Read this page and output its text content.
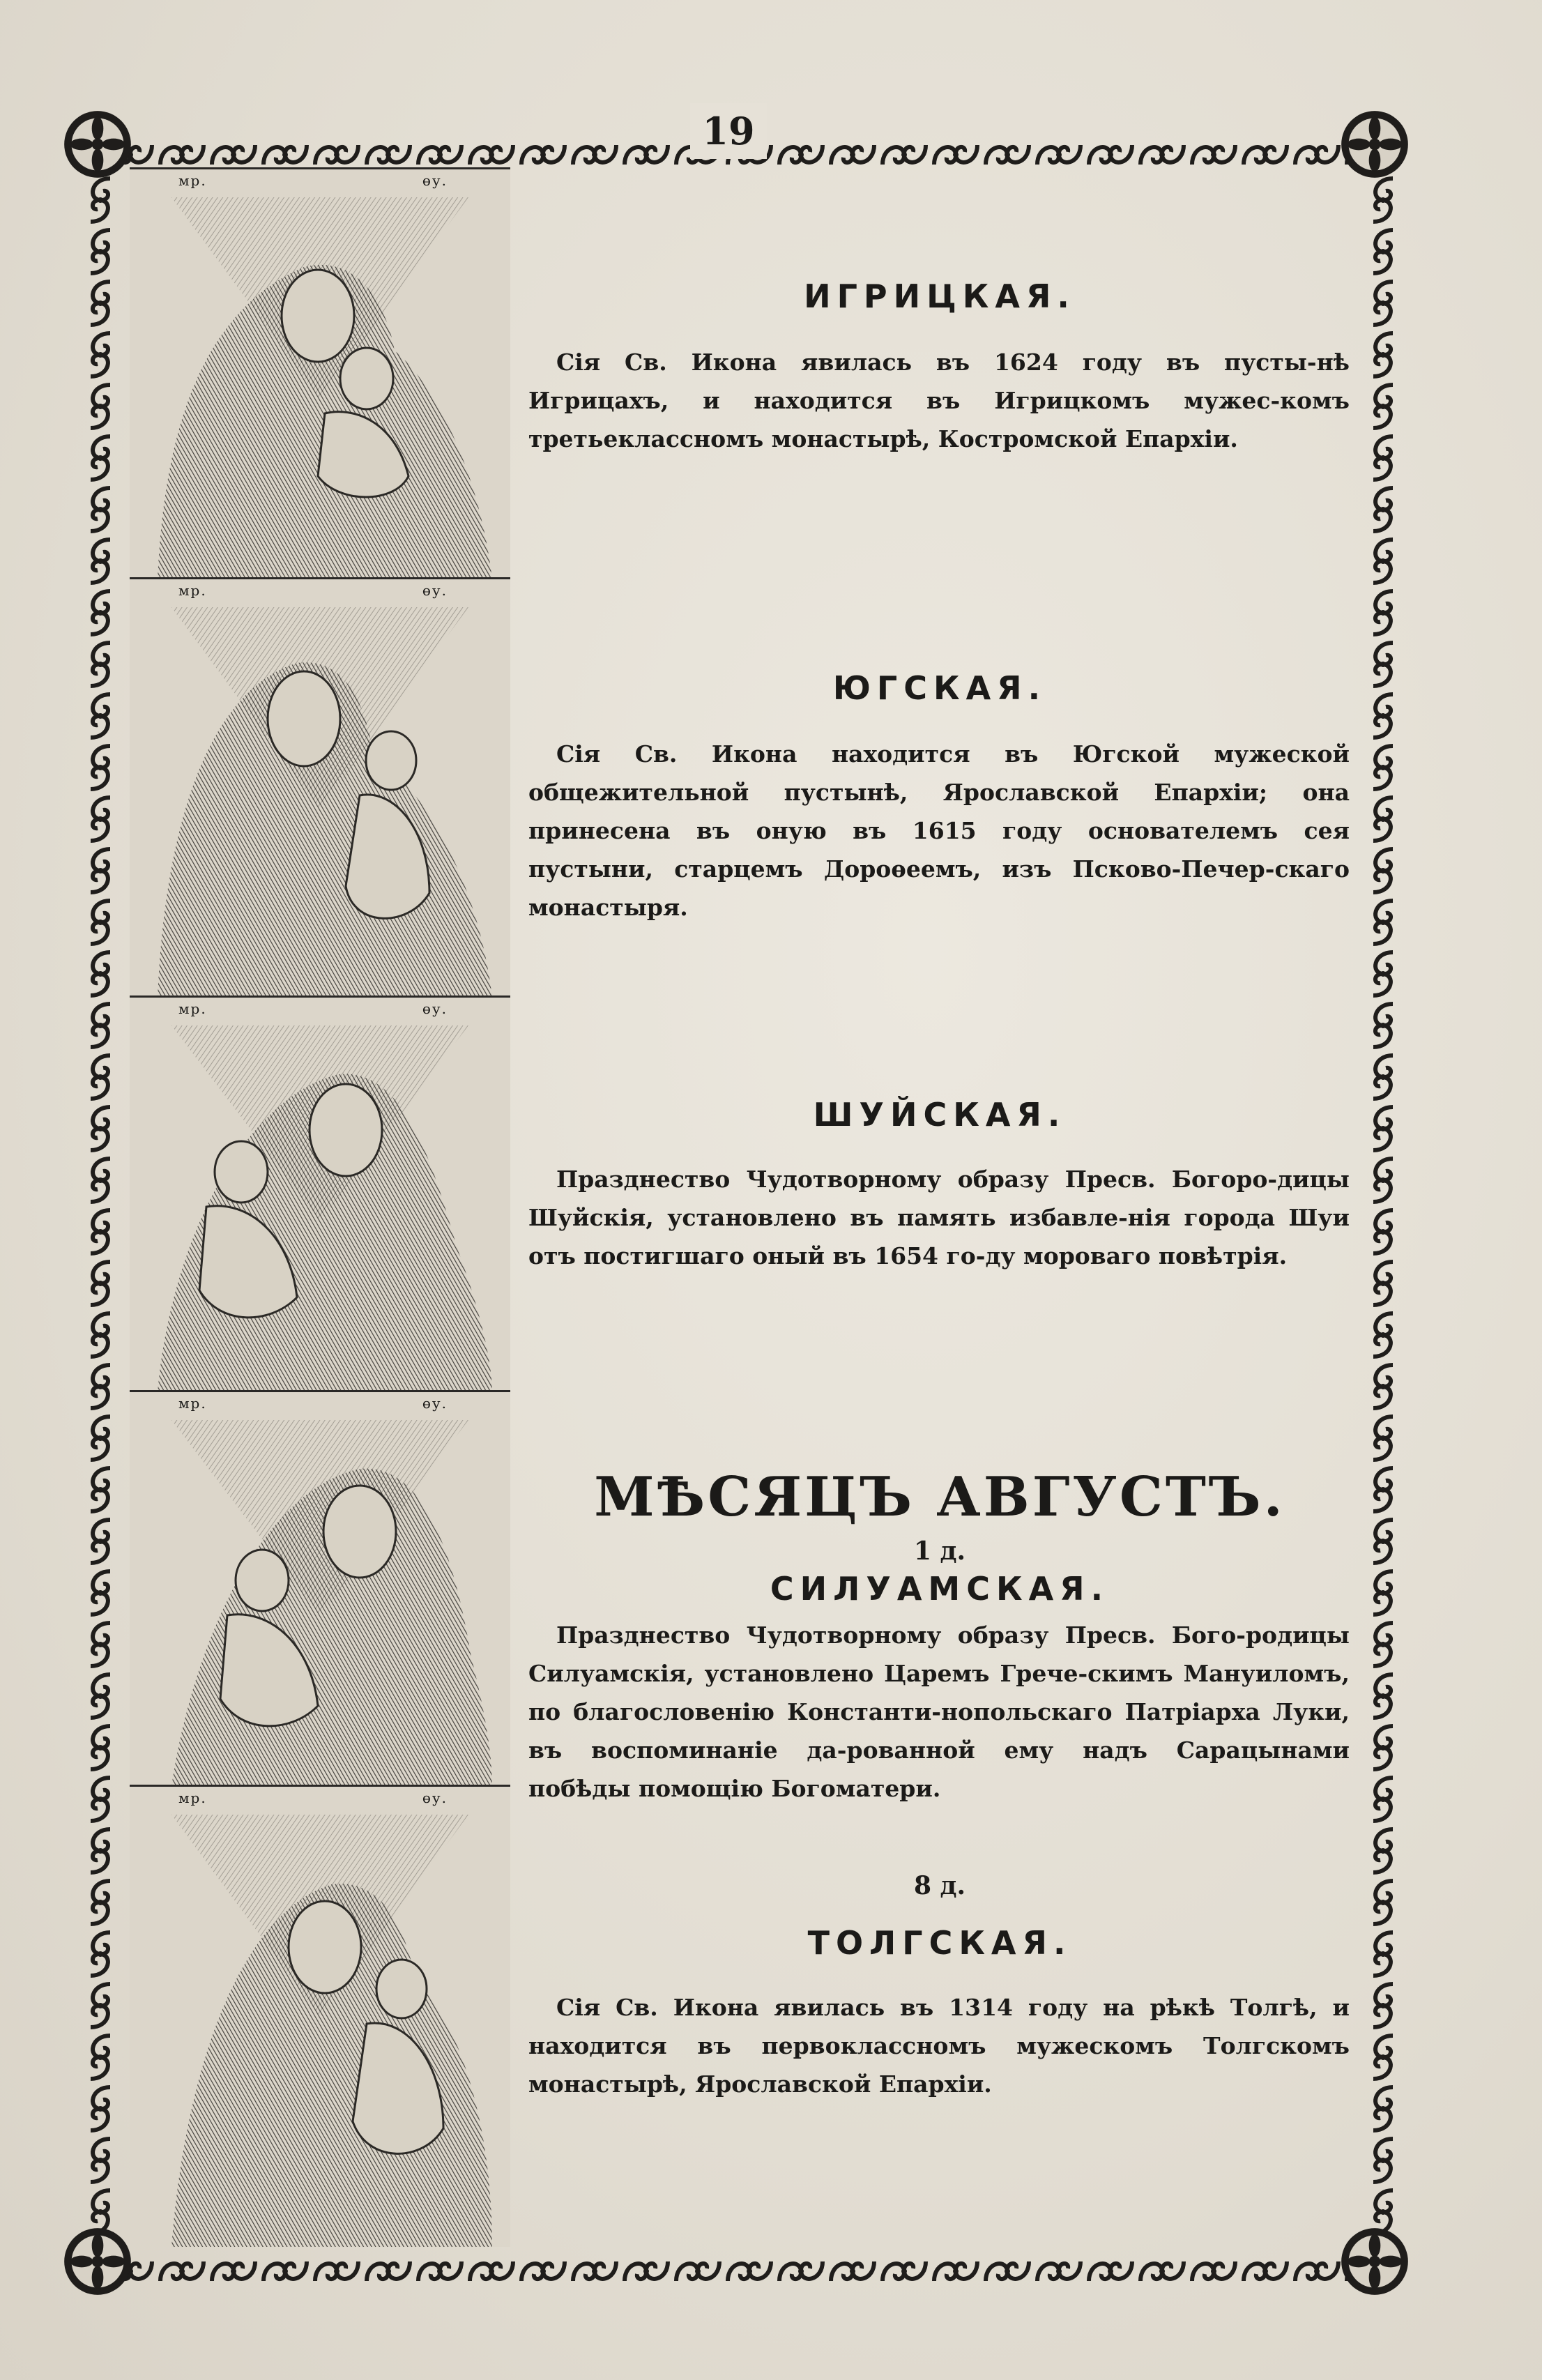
19
мр.	өу.
мр.	өу.
мр.	өу.
мр.	өу.
мр.	өу.
ИГРИЦКАЯ.
Сія Св. Икона явилась въ 1624 году въ пусты-нѣ Игрицахъ, и находится въ Игрицкомъ мужес-комъ третьеклассномъ монастырѣ, Костромской Епархіи.
ЮГСКАЯ.
Сія Св. Икона находится въ Югской мужеской общежительной пустынѣ, Ярославской Епархіи; она принесена въ оную въ 1615 году основателемъ сея пустыни, старцемъ Дороѳеемъ, изъ Псково-Печер-скаго монастыря.
ШУЙСКАЯ.
Празднество Чудотворному образу Пресв. Богоро-дицы Шуйскія, установлено въ память избавле-нія города Шуи отъ постигшаго оный въ 1654 го-ду мороваго повѣтрія.
МѢСЯЦЪ АВГУСТЪ.
1 д.
СИЛУАМСКАЯ.
Празднество Чудотворному образу Пресв. Бого-родицы Силуамскія, установлено Царемъ Грече-скимъ Мануиломъ, по благословенію Константи-нопольскаго Патріарха Луки, въ воспоминаніе да-рованной ему надъ Сарацынами побѣды помощію Богоматери.
8 д.
ТОЛГСКАЯ.
Сія Св. Икона явилась въ 1314 году на рѣкѣ Толгѣ, и находится въ первоклассномъ мужескомъ Толгскомъ монастырѣ, Ярославской Епархіи.
